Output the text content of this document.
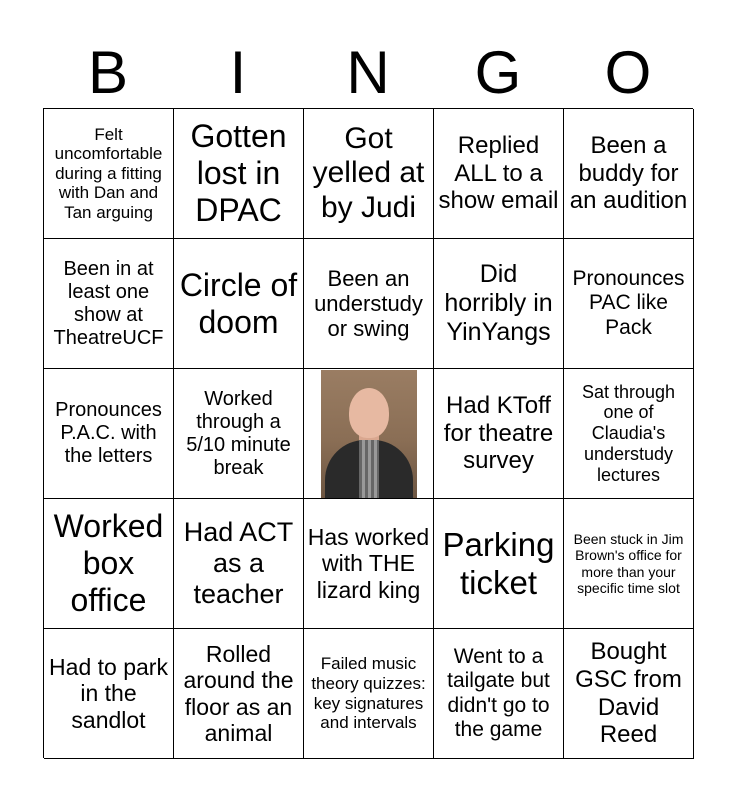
B	I	N	G	O
Felt uncomfortable during a fitting with Dan and Tan arguing
Gotten lost in DPAC
Got yelled at by Judi
Replied ALL to a show email
Been a buddy for an audition
Been in at least one show at TheatreUCF
Circle of doom
Been an understudy or swing
Did horribly in YinYangs
Pronounces PAC like Pack
Pronounces P.A.C. with the letters
Worked through a 5/10 minute break
Had KToff for theatre survey
Sat through one of Claudia's understudy lectures
Worked box office
Had ACT as a teacher
Has worked with THE lizard king
Parking ticket
Been stuck in Jim Brown's office for more than your specific time slot
Had to park in the sandlot
Rolled around the floor as an animal
Failed music theory quizzes: key signatures and intervals
Went to a tailgate but didn't go to the game
Bought GSC from David Reed
